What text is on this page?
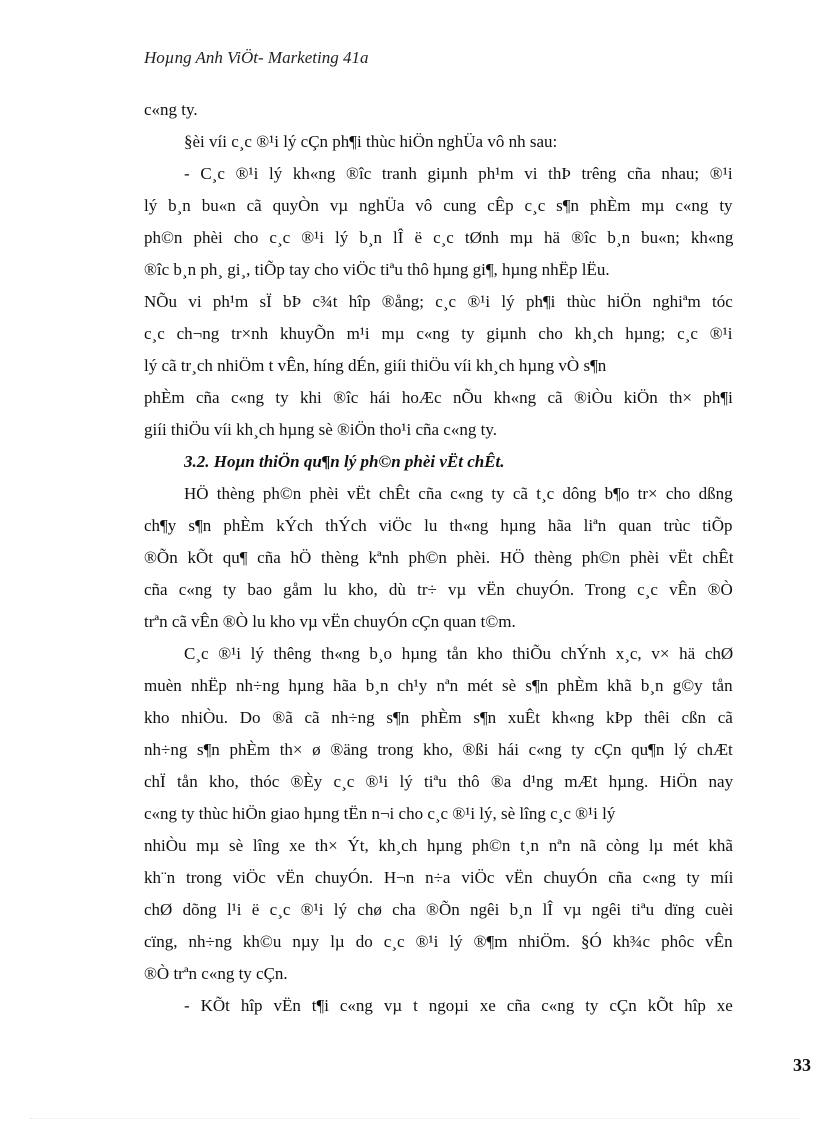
Hoµng Anh ViÖt- Marketing 41a
c«ng ty.
§èi víi c¸c ®¹i lý cÇn ph¶i thùc hiÖn nghÜa vô nh sau:
- C¸c ®¹i lý kh«ng ®îc tranh giµnh ph¹m vi thÞ trêng cña nhau; ®¹i
lý b¸n bu«n cã quyÒn vµ nghÜa vô cung cÊp c¸c s¶n phÈm mµ c«ng ty
ph©n phèi cho c¸c ®¹i lý b¸n lÎ ë c¸c tØnh mµ hä ®îc b¸n bu«n; kh«ng
®îc b¸n ph¸ gi¸, tiÕp tay cho viÖc tiªu thô hµng gi¶, hµng nhËp lËu.
NÕu vi ph¹m sÏ bÞ c¾t hîp ®ång; c¸c ®¹i lý ph¶i thùc hiÖn nghiªm tóc
c¸c ch¬ng tr×nh khuyÕn m¹i mµ c«ng ty giµnh cho kh¸ch hµng; c¸c ®¹i
lý cã tr¸ch nhiÖm t vÊn, híng dÉn, giíi thiÖu víi kh¸ch hµng vÒ s¶n
phÈm cña c«ng ty khi ®îc hái hoÆc nÕu kh«ng cã ®iÒu kiÖn th× ph¶i
giíi thiÖu víi kh¸ch hµng sè ®iÖn tho¹i cña c«ng ty.
3.2. Hoµn thiÖn qu¶n lý ph©n phèi vËt chÊt.
HÖ thèng ph©n phèi vËt chÊt cña c«ng ty cã t¸c dông b¶o tr× cho dßng
ch¶y s¶n phÈm kÝch thÝch viÖc lu th«ng hµng hãa liªn quan trùc tiÕp
®Õn kÕt qu¶ cña hÖ thèng kªnh ph©n phèi. HÖ thèng ph©n phèi vËt chÊt
cña c«ng ty bao gåm lu kho, dù tr÷ vµ vËn chuyÓn. Trong c¸c vÊn ®Ò
trªn cã vÊn ®Ò lu kho vµ vËn chuyÓn cÇn quan t©m.
C¸c ®¹i lý thêng th«ng b¸o hµng tån kho thiÕu chÝnh x¸c, v× hä chØ
muèn nhËp nh÷ng hµng hãa b¸n ch¹y nªn mét sè s¶n phÈm khã b¸n g©y tån
kho nhiÒu. Do ®ã cã nh÷ng s¶n phÈm s¶n xuÊt kh«ng kÞp thêi cßn cã
nh÷ng s¶n phÈm th× ø ®äng trong kho, ®ßi hái c«ng ty cÇn qu¶n lý chÆt
chÏ tån kho, thóc ®Èy c¸c ®¹i lý tiªu thô ®a d¹ng mÆt hµng. HiÖn nay
c«ng ty thùc hiÖn giao hµng tËn n¬i cho c¸c ®¹i lý, sè lîng c¸c ®¹i lý
nhiÒu mµ sè lîng xe th× Ýt, kh¸ch hµng ph©n t¸n nªn nã còng lµ mét khã
kh¨n trong viÖc vËn chuyÓn. H¬n n÷a viÖc vËn chuyÓn cña c«ng ty míi
chØ dõng l¹i ë c¸c ®¹i lý chø cha ®Õn ngêi b¸n lÎ vµ ngêi tiªu dïng cuèi
cïng, nh÷ng kh©u nµy lµ do c¸c ®¹i lý ®¶m nhiÖm. §Ó kh¾c phôc vÊn
®Ò trªn c«ng ty cÇn.
- KÕt hîp vËn t¶i c«ng vµ t ngoµi xe cña c«ng ty cÇn kÕt hîp xe
33
